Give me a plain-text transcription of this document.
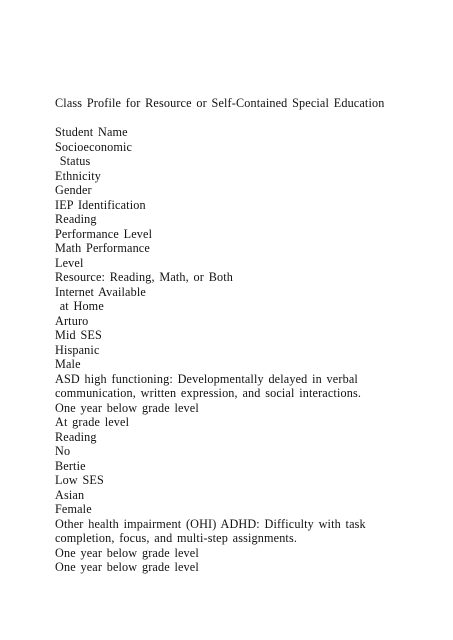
Class Profile for Resource or Self-Contained Special Education

Student Name

Socioeconomic

Status

Ethnicity

Gender

IEP Identification

Reading

Performance Level

Math Performance

Level

Resource: Reading, Math, or Both

Internet Available

at Home

Arturo

Mid SES

Hispanic

Male

ASD high functioning: Developmentally delayed in verbal

communication, written expression, and social interactions.

One year below grade level

At grade level

Reading

No

Bertie

Low SES

Asian

Female

Other health impairment (OHI) ADHD: Difficulty with task

completion, focus, and multi-step assignments.

One year below grade level

One year below grade level
